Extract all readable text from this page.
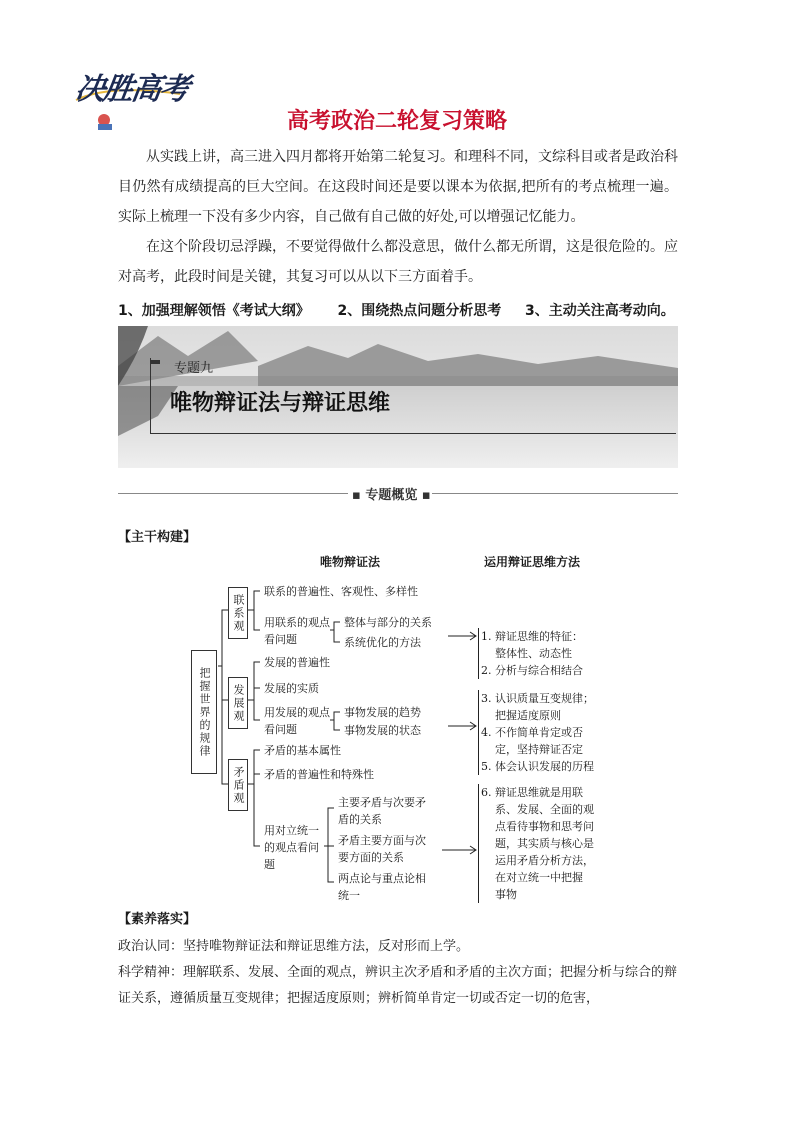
决胜高考
高考政治二轮复习策略
从实践上讲，高三进入四月都将开始第二轮复习。和理科不同，文综科目或者是政治科目仍然有成绩提高的巨大空间。在这段时间还是要以课本为依据,把所有的考点梳理一遍。实际上梳理一下没有多少内容，自己做有自己做的好处,可以增强记忆能力。
在这个阶段切忌浮躁，不要觉得做什么都没意思，做什么都无所谓，这是很危险的。应对高考，此段时间是关键，其复习可以从以下三方面着手。
1、加强理解领悟《考试大纲》 2、围绕热点问题分析思考 3、主动关注高考动向。
专题九
唯物辩证法与辩证思维
▪ 专题概览 ▪
【主干构建】
唯物辩证法	运用辩证思维方法
把握世界的规律
联系观
发展观
矛盾观
联系的普遍性、客观性、多样性
用联系的观点看问题
整体与部分的关系
系统优化的方法
发展的普遍性
发展的实质
用发展的观点看问题
事物发展的趋势
事物发展的状态
矛盾的基本属性
矛盾的普遍性和特殊性
用对立统一的观点看问题
主要矛盾与次要矛盾的关系
矛盾主要方面与次要方面的关系
两点论与重点论相统一
1. 辩证思维的特征：
整体性、动态性
2. 分析与综合相结合
3. 认识质量互变规律；
把握适度原则
4. 不作简单肯定或否
定，坚持辩证否定
5. 体会认识发展的历程
6. 辩证思维就是用联
系、发展、全面的观
点看待事物和思考问
题，其实质与核心是
运用矛盾分析方法，
在对立统一中把握
事物
【素养落实】
政治认同：坚持唯物辩证法和辩证思维方法，反对形而上学。
科学精神：理解联系、发展、全面的观点，辨识主次矛盾和矛盾的主次方面；把握分析与综合的辩证关系，遵循质量互变规律；把握适度原则；辨析简单肯定一切或否定一切的危害，
